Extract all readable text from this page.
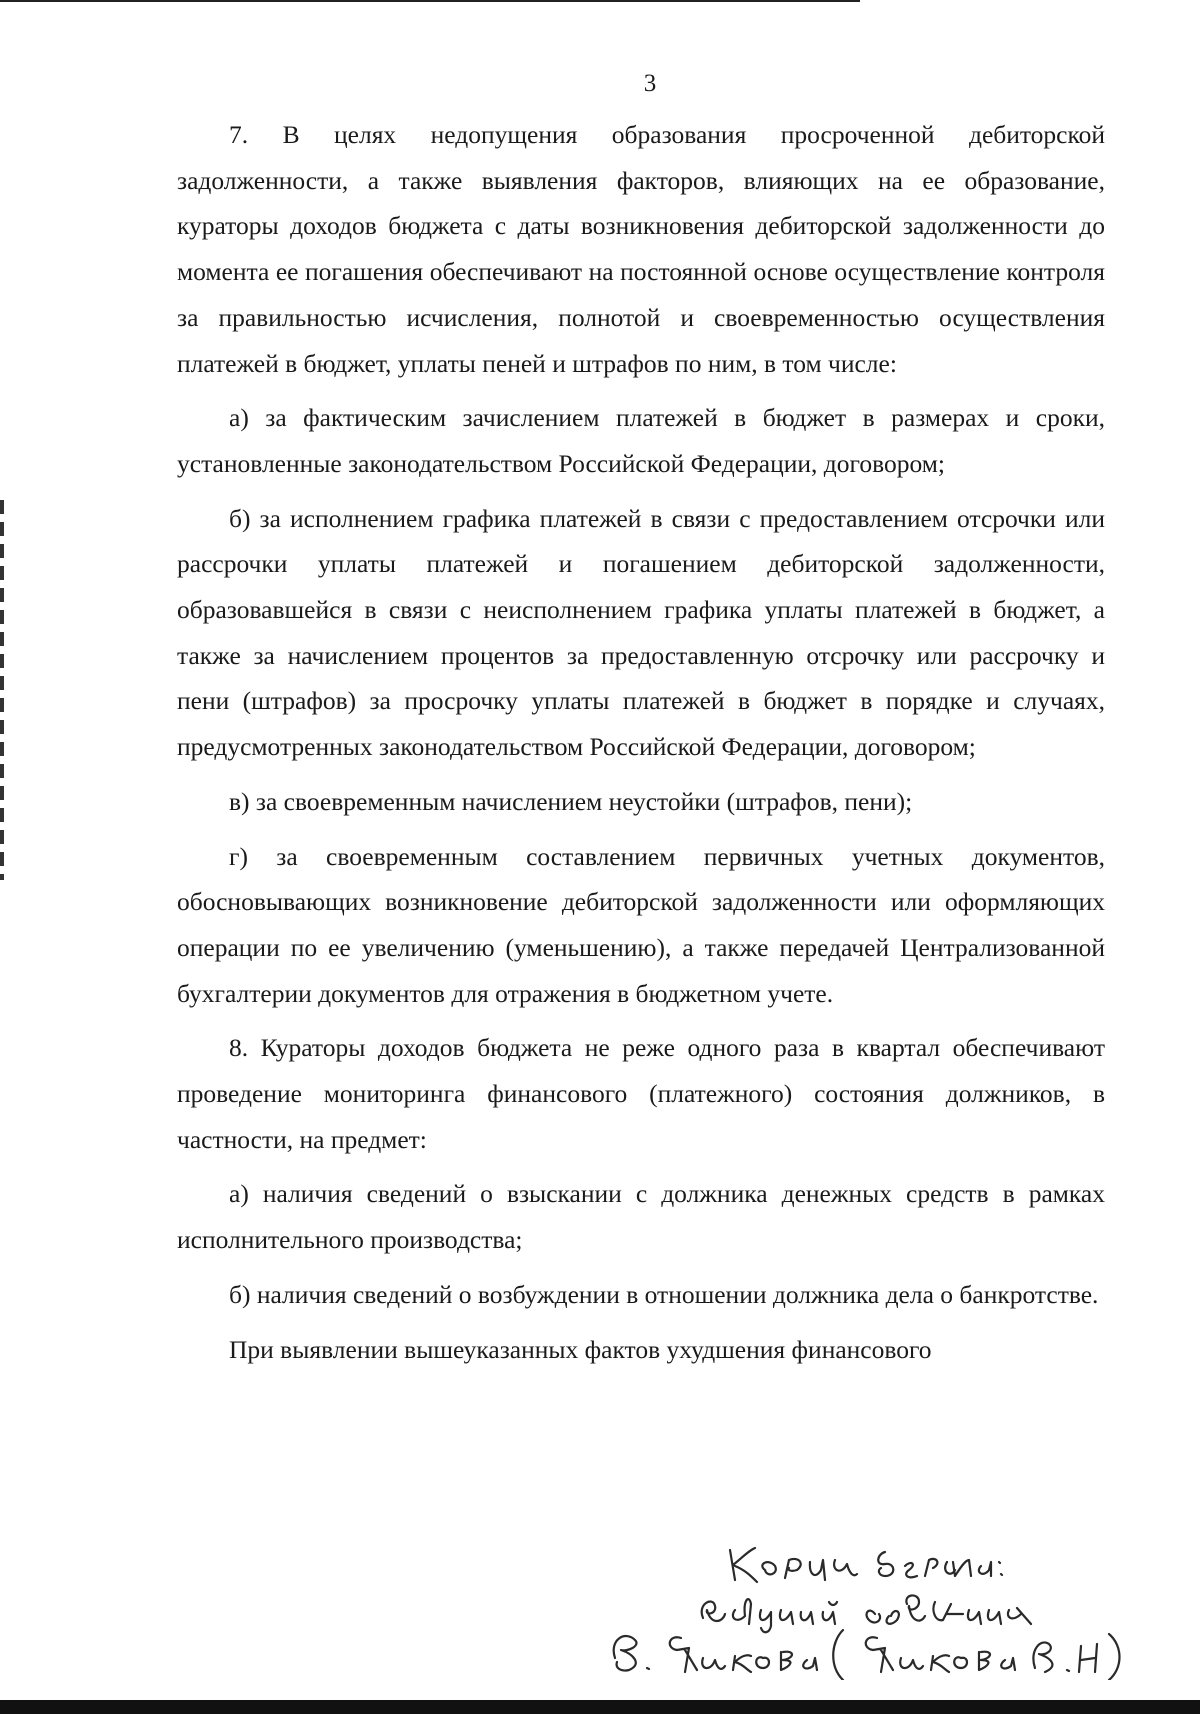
3

7. В целях недопущения образования просроченной дебиторской задолженности, а также выявления факторов, влияющих на ее образование, кураторы доходов бюджета с даты возникновения дебиторской задолженности до момента ее погашения обеспечивают на постоянной основе осуществление контроля за правильностью исчисления, полнотой и своевременностью осуществления платежей в бюджет, уплаты пеней и штрафов по ним, в том числе:

а) за фактическим зачислением платежей в бюджет в размерах и сроки, установленные законодательством Российской Федерации, договором;

б) за исполнением графика платежей в связи с предоставлением отсрочки или рассрочки уплаты платежей и погашением дебиторской задолженности, образовавшейся в связи с неисполнением графика уплаты платежей в бюджет, а также за начислением процентов за предоставленную отсрочку или рассрочку и пени (штрафов) за просрочку уплаты платежей в бюджет в порядке и случаях, предусмотренных законодательством Российской Федерации, договором;

в) за своевременным начислением неустойки (штрафов, пени);

г) за своевременным составлением первичных учетных документов, обосновывающих возникновение дебиторской задолженности или оформляющих операции по ее увеличению (уменьшению), а также передачей Централизованной бухгалтерии документов для отражения в бюджетном учете.

8. Кураторы доходов бюджета не реже одного раза в квартал обеспечивают проведение мониторинга финансового (платежного) состояния должников, в частности, на предмет:

а) наличия сведений о взыскании с должника денежных средств в рамках исполнительного производства;

б) наличия сведений о возбуждении в отношении должника дела о банкротстве.

При выявлении вышеуказанных фактов ухудшения финансового
